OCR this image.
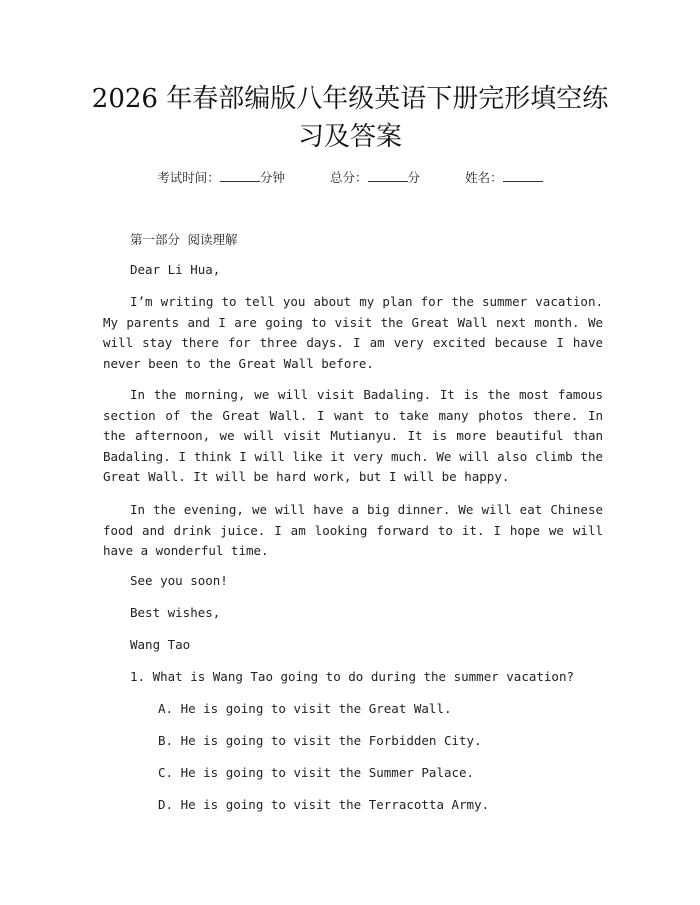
2026 年春部编版八年级英语下册完形填空练
习及答案
考试时间：	分钟	总分：	分	姓名：
第一部分 阅读理解
Dear Li Hua,
I’m writing to tell you about my plan for the summer vacation. My parents and I are going to visit the Great Wall next month. We will stay there for three days. I am very excited because I have never been to the Great Wall before.
In the morning, we will visit Badaling. It is the most famous section of the Great Wall. I want to take many photos there. In the afternoon, we will visit Mutianyu. It is more beautiful than Badaling. I think I will like it very much. We will also climb the Great Wall. It will be hard work, but I will be happy.
In the evening, we will have a big dinner. We will eat Chinese food and drink juice. I am looking forward to it. I hope we will have a wonderful time.
See you soon!
Best wishes,
Wang Tao
1. What is Wang Tao going to do during the summer vacation?
A. He is going to visit the Great Wall.
B. He is going to visit the Forbidden City.
C. He is going to visit the Summer Palace.
D. He is going to visit the Terracotta Army.
